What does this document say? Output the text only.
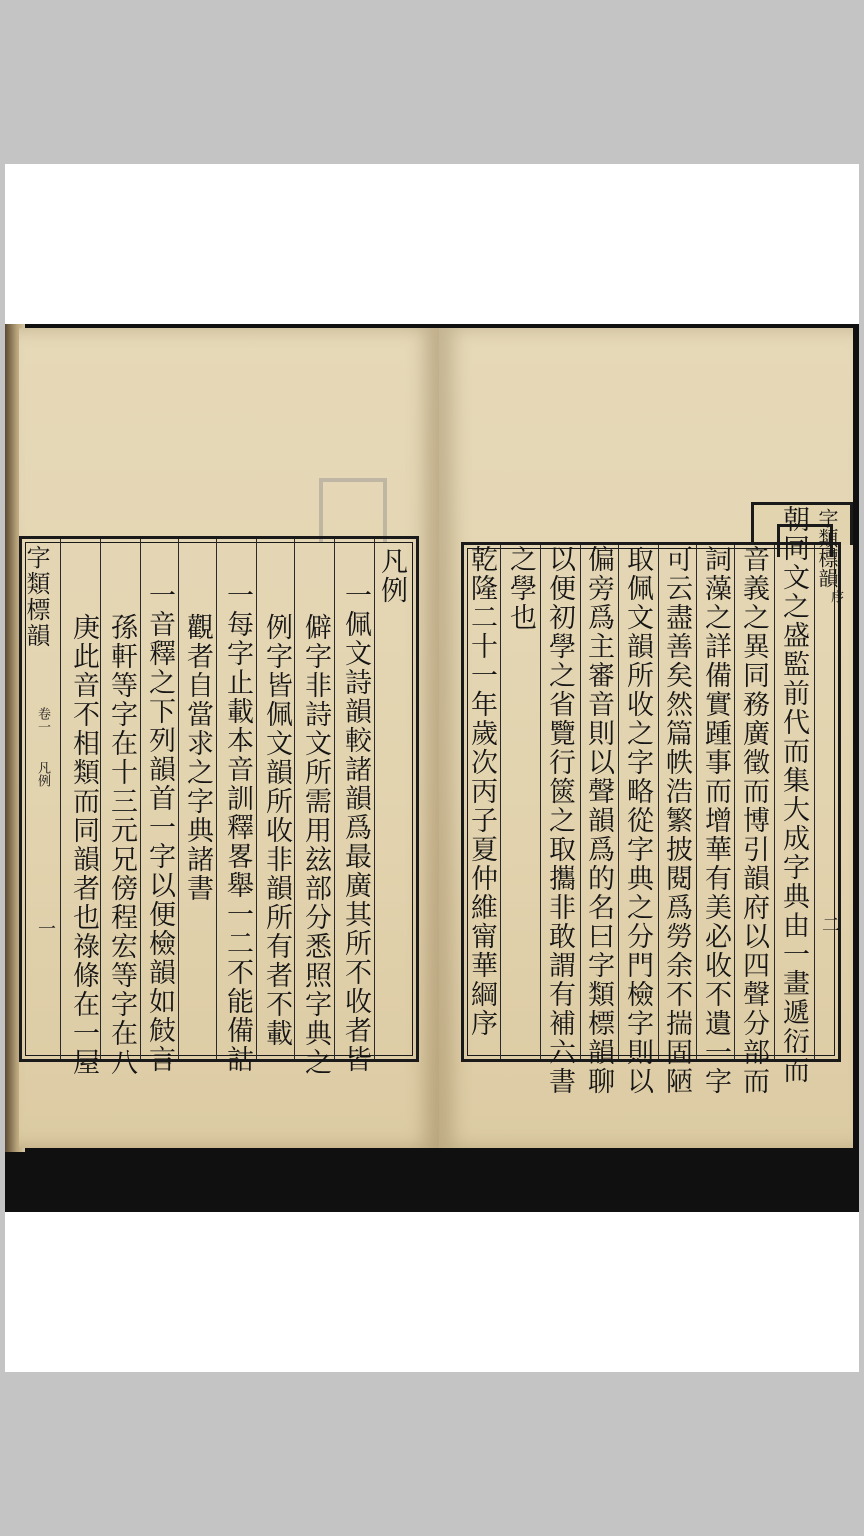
字類標韻
凡例
卷一
一
凡例
一佩文詩韻較諸韻爲最廣其所不收者皆
僻字非詩文所需用玆部分悉照字典之
例字皆佩文韻所收非韻所有者不載
一每字止載本音訓釋畧舉一二不能備詁
觀者自當求之字典諸書
一音釋之下列韻首一字以便檢韻如㩻言
孫軒等字在十三元兄傍程宏等字在八
庚此音不相類而同韻者也祿條在一屋	朝同文之盛監前代而集大成字典由一畫遞衍而
音義之異同務廣徵而博引韻府以四聲分部而
詞藻之詳備實踵事而增華有美必收不遺一字
可云盡善矣然篇帙浩繁披閱爲勞余不揣固陋
取佩文韻所收之字略從字典之分門檢字則以
偏旁爲主審音則以聲韻爲的名曰字類標韻聊
以便初學之省覽行篋之取攜非敢謂有補六書
之學也
乾隆二十一年歲次丙子夏仲維甯華綱序	二
字類標韻
序
